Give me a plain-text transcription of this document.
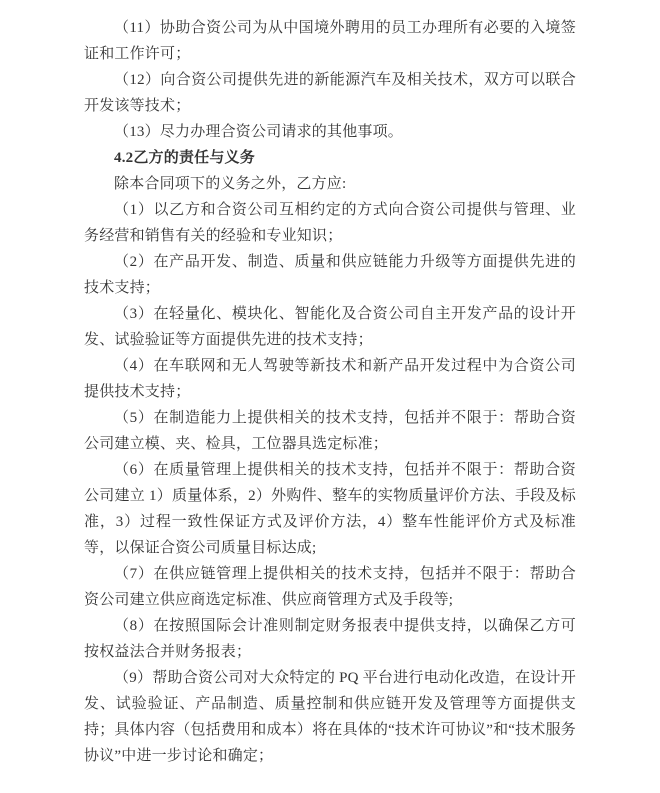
（11）协助合资公司为从中国境外聘用的员工办理所有必要的入境签证和工作许可；

（12）向合资公司提供先进的新能源汽车及相关技术，双方可以联合开发该等技术；

（13）尽力办理合资公司请求的其他事项。

4.2乙方的责任与义务

除本合同项下的义务之外，乙方应:

（1）以乙方和合资公司互相约定的方式向合资公司提供与管理、业务经营和销售有关的经验和专业知识；

（2）在产品开发、制造、质量和供应链能力升级等方面提供先进的技术支持；

（3）在轻量化、模块化、智能化及合资公司自主开发产品的设计开发、试验验证等方面提供先进的技术支持；

（4）在车联网和无人驾驶等新技术和新产品开发过程中为合资公司提供技术支持；

（5）在制造能力上提供相关的技术支持，包括并不限于：帮助合资公司建立模、夹、检具，工位器具选定标准；

（6）在质量管理上提供相关的技术支持，包括并不限于：帮助合资公司建立 1）质量体系，2）外购件、整车的实物质量评价方法、手段及标准，3）过程一致性保证方式及评价方法，4）整车性能评价方式及标准等，以保证合资公司质量目标达成;

（7）在供应链管理上提供相关的技术支持，包括并不限于：帮助合资公司建立供应商选定标准、供应商管理方式及手段等;

（8）在按照国际会计准则制定财务报表中提供支持，以确保乙方可按权益法合并财务报表；

（9）帮助合资公司对大众特定的 PQ 平台进行电动化改造，在设计开发、试验验证、产品制造、质量控制和供应链开发及管理等方面提供支持；具体内容（包括费用和成本）将在具体的“技术许可协议”和“技术服务协议”中进一步讨论和确定；
